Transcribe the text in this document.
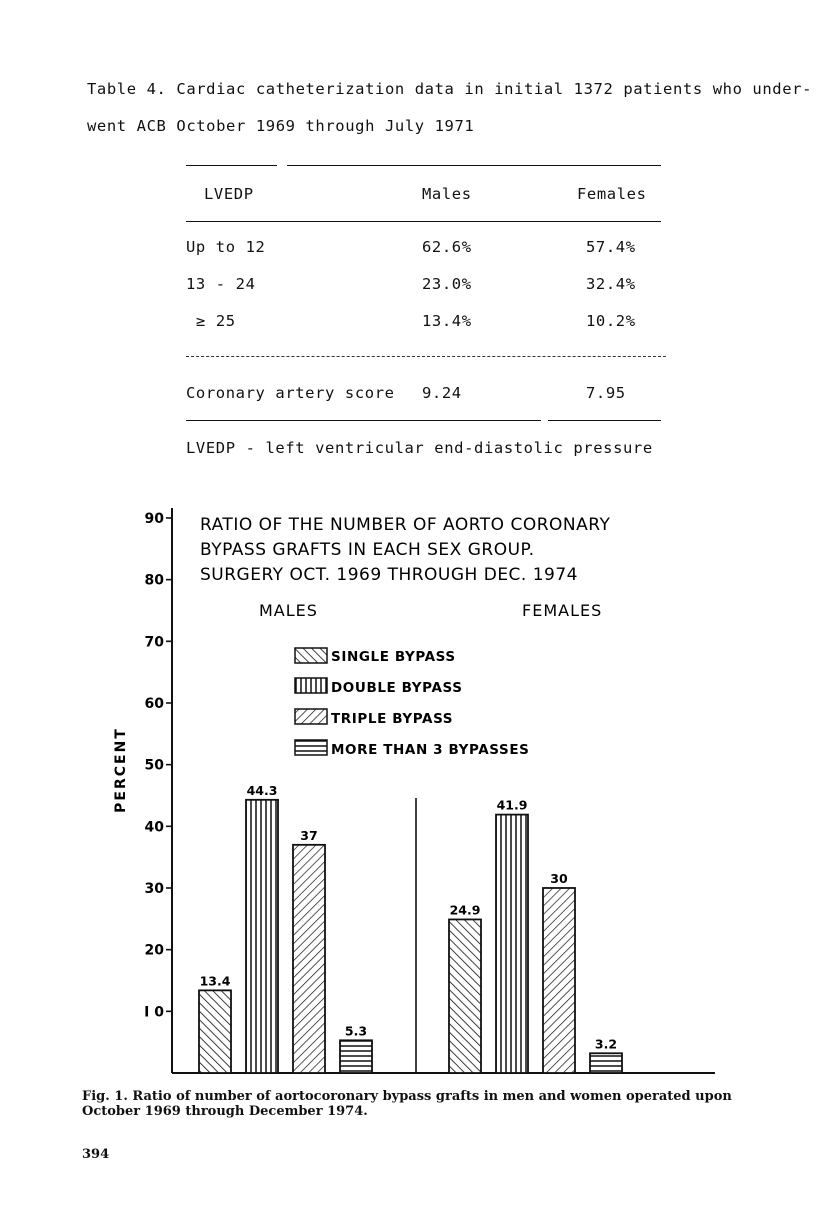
Table 4. Cardiac catheterization data in initial 1372 patients who under-
went ACB October 1969 through July 1971
LVEDP	Males	Females
Up to 12	62.6%	57.4%
13 - 24	23.0%	32.4%
≥ 25	13.4%	10.2%
Coronary artery score 9.24	7.95
LVEDP - left ventricular end-diastolic pressure
PERCENT
RATIO OF THE NUMBER OF AORTO CORONARY
BYPASS GRAFTS IN EACH SEX GROUP.
SURGERY OCT. 1969 THROUGH DEC. 1974
MALES	FEMALES
SINGLE BYPASS
DOUBLE BYPASS
TRIPLE BYPASS
MORE THAN 3 BYPASSES
I 0
20
30
40
50
60
70
80
90
13.4
44.3
37
5.3
24.9
41.9
30
3.2
Fig. 1. Ratio of number of aortocoronary bypass grafts in men and women operated upon October 1969 through December 1974.
394
